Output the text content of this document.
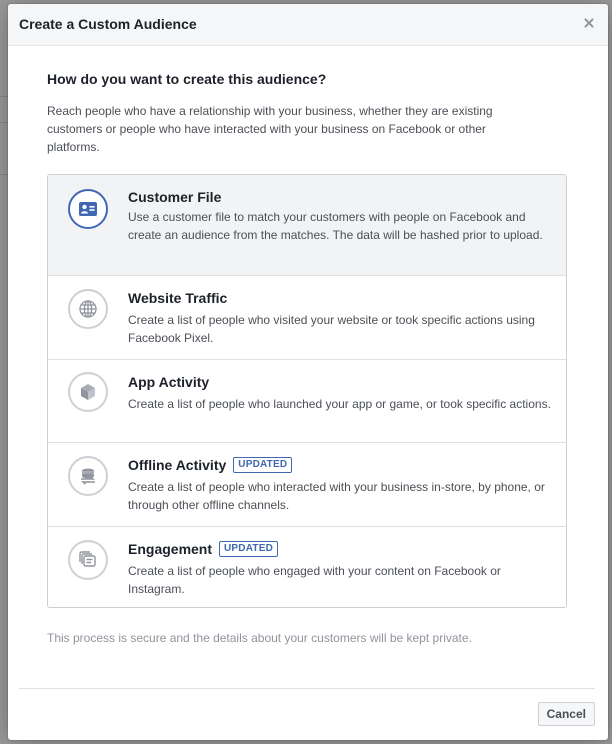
Create a Custom Audience
How do you want to create this audience?
Reach people who have a relationship with your business, whether they are existing customers or people who have interacted with your business on Facebook or other platforms.
Customer File
Use a customer file to match your customers with people on Facebook and create an audience from the matches. The data will be hashed prior to upload.
Website Traffic
Create a list of people who visited your website or took specific actions using Facebook Pixel.
App Activity
Create a list of people who launched your app or game, or took specific actions.
Offline Activity	UPDATED
Create a list of people who interacted with your business in-store, by phone, or through other offline channels.
Engagement	UPDATED
Create a list of people who engaged with your content on Facebook or Instagram.
This process is secure and the details about your customers will be kept private.
Cancel
